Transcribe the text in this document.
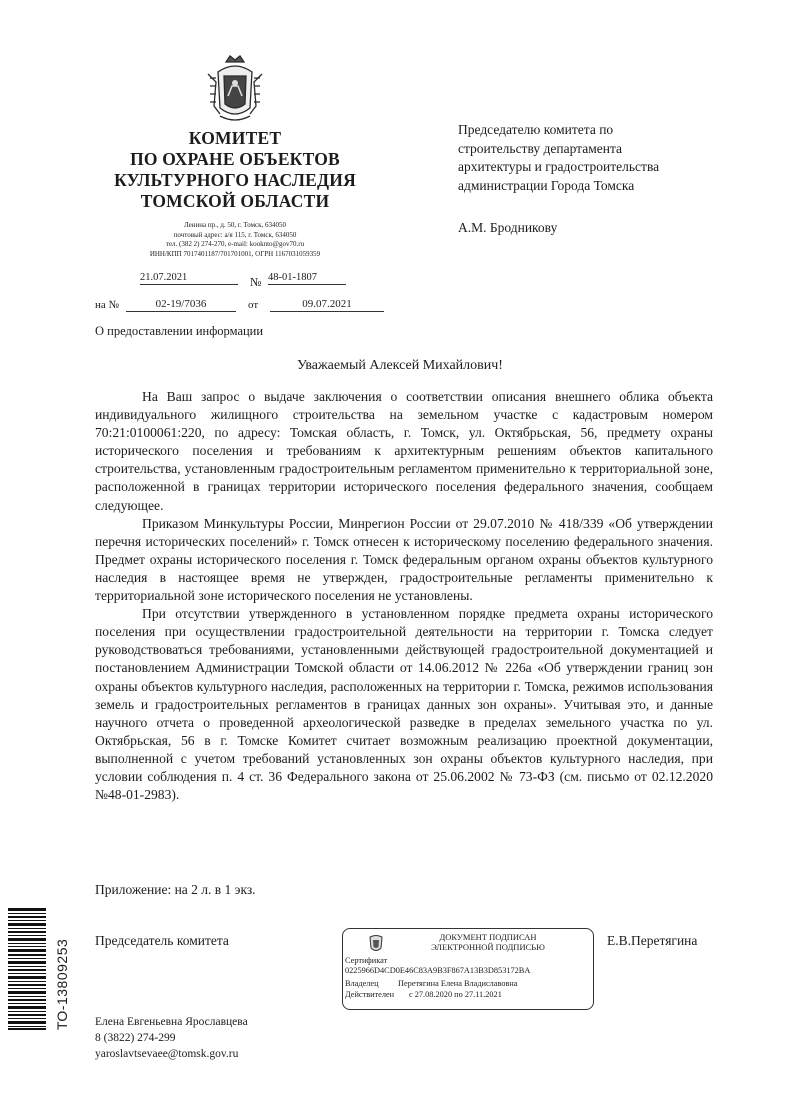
КОМИТЕТ
ПО ОХРАНЕ ОБЪЕКТОВ
КУЛЬТУРНОГО НАСЛЕДИЯ
ТОМСКОЙ ОБЛАСТИ
Ленина пр., д. 50, г. Томск, 634050
почтовый адрес: а/я 115, г. Томск, 634050
тел. (382 2) 274-270, e-mail: kooknto@gov70.ru
ИНН/КПП 7017401187/701701001, ОГРН 1167031059359
Председателю комитета по
строительству департамента
архитектуры и градостроительства
администрации Города Томска
А.М. Бродникову
21.07.2021	№ 48-01-1807
на №	02-19/7036	от	09.07.2021
О предоставлении информации
Уважаемый Алексей Михайлович!

На Ваш запрос о выдаче заключения о соответствии описания внешнего облика объекта индивидуального жилищного строительства на земельном участке с кадастровым номером 70:21:0100061:220, по адресу: Томская область, г. Томск, ул. Октябрьская, 56, предмету охраны исторического поселения и требованиям к архитектурным решениям объектов капитального строительства, установленным градостроительным регламентом применительно к территориальной зоне, расположенной в границах территории исторического поселения федерального значения, сообщаем следующее.

Приказом Минкультуры России, Минрегион России от 29.07.2010 № 418/339 «Об утверждении перечня исторических поселений» г. Томск отнесен к историческому поселению федерального значения. Предмет охраны исторического поселения г. Томск федеральным органом охраны объектов культурного наследия в настоящее время не утвержден, градостроительные регламенты применительно к территориальной зоне исторического поселения не установлены.

При отсутствии утвержденного в установленном порядке предмета охраны исторического поселения при осуществлении градостроительной деятельности на территории г. Томска следует руководствоваться требованиями, установленными действующей градостроительной документацией и постановлением Администрации Томской области от 14.06.2012 № 226а «Об утверждении границ зон охраны объектов культурного наследия, расположенных на территории г. Томска, режимов использования земель и градостроительных регламентов в границах данных зон охраны». Учитывая это, и данные научного отчета о проведенной археологической разведке в пределах земельного участка по ул. Октябрьская, 56 в г. Томске Комитет считает возможным реализацию проектной документации, выполненной с учетом требований установленных зон охраны объектов культурного наследия, при условии соблюдения п. 4 ст. 36 Федерального закона от 25.06.2002 № 73-ФЗ (см. письмо от 02.12.2020 №48-01-2983).

Приложение: на 2 л. в 1 экз.
Председатель комитета	Е.В.Перетягина
ДОКУМЕНТ ПОДПИСАН
ЭЛЕКТРОННОЙ ПОДПИСЬЮ
Сертификат
0225966D4CD0E46C83A9B3F867A13B3D853172BA
Владелец Перетягина Елена Владиславовна
Действителен с 27.08.2020 по 27.11.2021
ТО-13809253 Елена Евгеньевна Ярославцева
8 (3822) 274-299
yaroslavtsevaee@tomsk.gov.ru
